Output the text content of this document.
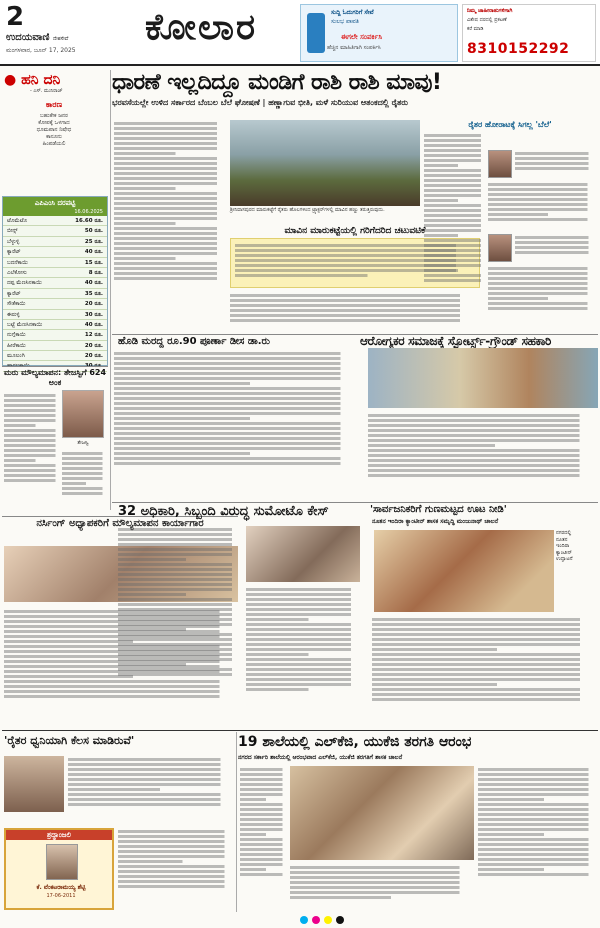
2
ಉದಯವಾಣಿ ದೇಶಸೇವೆ
ಮಂಗಳವಾರ, ಜೂನ್ 17, 2025
ಕೋಲಾರ	ಸುದ್ದಿ ಓದುಗರಿಗೆ ಸೇವೆ
ಸುಲಭ ಪಾವತಿ
ಈಗಲೇ ಸಂಪರ್ಕಿಸಿ
ಹೆಚ್ಚಿನ ಮಾಹಿತಿಗಾಗಿ ಸಂಪರ್ಕಿಸಿ
ನಿಮ್ಮ ಜಾಹೀರಾತುಗಳಿಗಾಗಿ
ವಿಶೇಷ ದರದಲ್ಲಿ ಪ್ರಕಟಣೆ
ಕರೆ ಮಾಡಿ
8310152292
● ಹನಿ ದನಿ
- ಎಸ್. ಮುನಿರಾಜ್
ಕಾರಣ
ಬಹುತೇಕ ಜನರ
ಕೋಪಕ್ಕೆ ಒಳಗಾದ
ಧೂಮಪಾನ ನಿಷೇಧ
ಕಾನೂನು
ಹಿಂಪಡೆಯಲಿ
ಎಪಿಎಂಸಿ ದರಪಟ್ಟಿ
16.06.2025
ಟೊಮೆಟೊ	16.60 ರೂ.
ಬೀನ್ಸ್	50 ರೂ.
ಬೆಳ್ಳುಳ್ಳಿ	25 ರೂ.
ಕ್ಯಾರೆಟ್	40 ರೂ.
ಬದನೆಕಾಯಿ	15 ರೂ.
ಎಲೆಕೋಸು	8 ರೂ.
ದಪ್ಪ ಮೆಣಸಿನಕಾಯಿ	40 ರೂ.
ಕ್ಯಾರೆಟ್	35 ರೂ.
ಸೌತೆಕಾಯಿ	20 ರೂ.
ಈರುಳ್ಳಿ	30 ರೂ.
ಬಟ್ಟೆ ಮೆಣಸಿನಕಾಯಿ	40 ರೂ.
ನುಗ್ಗೆಕಾಯಿ	12 ರೂ.
ಹೀರೆಕಾಯಿ	20 ರೂ.
ಮೂಲಂಗಿ	20 ರೂ.
ಮರು ಮೌಲ್ಯಮಾಪನ: ತೇಜಸ್ವಿಗೆ 624 ಅಂಕ
ತೇಜಸ್ವಿ
ನರ್ಸಿಂಗ್ ಅಧ್ಯಾಪಕರಿಗೆ ಮೌಲ್ಯಮಾಪನ ಕಾರ್ಯಾಗಾರ
ಧಾರಣೆ ಇಲ್ಲದಿದ್ದೂ ಮಂಡಿಗೆ ರಾಶಿ ರಾಶಿ ಮಾವು!
ಭರವಸೆಯಲ್ಲೇ ಉಳಿದ ಸರ್ಕಾರದ ಬೆಂಬಲ ಬೆಲೆ ಘೋಷಣೆ | ಹಣ್ಣಾಗುವ ಭೀತಿ, ಮಳೆ ಸುರಿಯುವ ಆತಂಕದಲ್ಲಿ ರೈತರು
ಶ್ರೀನಿವಾಸಪುರದ ಮಾರುಕಟ್ಟೆಗೆ ರೈತರು ಹೊಲಗಳಿಂದ ಟ್ರ್ಯಾಕ್ಟರ್‌ಗಳಲ್ಲಿ ಮಾವಿನ ಹಣ್ಣು ತರುತ್ತಿರುವುದು.
ಮಾವಿನ ಮಾರುಕಟ್ಟೆಯಲ್ಲಿ ಗರಿಗೆದರಿದ ಚಟುವಟಿಕೆ
ರೈತರ ಹೋರಾಟಕ್ಕೆ ಸಿಗಲ್ಲ 'ಬೆಲೆ'
ಹೊಡಿ ಮರದ್ದ ರೂ.90 ಪೂರ್ಣಾ ಡೀಸ ಡಾ.ರು	ಆರೋಗ್ಯಕರ ಸಮಾಜಕ್ಕೆ ಸ್ಪೋರ್ಟ್ಸ್-ಗ್ರೌಂಡ್ ಸಹಕಾರಿ
32 ಅಧಿಕಾರಿ, ಸಿಬ್ಬಂದಿ ವಿರುದ್ಧ ಸುಮೋಟೊ ಕೇಸ್	'ಸಾರ್ವಜನಿಕರಿಗೆ ಗುಣಮಟ್ಟದ ಊಟ ನೀಡಿ'
ನೂತನ ಇಂದಿರಾ ಕ್ಯಾಂಟೀನ್ ಶಾಸಕ ಸಮೃದ್ಧಿ ಮಂಜುನಾಥ್ ಚಾಲನೆ
ನಗರದಲ್ಲಿ
ನೂತನ
ಇಂದಿರಾ
ಕ್ಯಾಂಟೀನ್
ಉದ್ಘಾಟನೆ
'ರೈತರ ಧ್ವನಿಯಾಗಿ ಕೆಲಸ ಮಾಡಿರುವೆ'
ಶ್ರದ್ಧಾಂಜಲಿ
ಕೆ. ವೆಂಕಟರಾಮಯ್ಯ ಶೆಟ್ಟಿ
17-06-2011
19 ಶಾಲೆಯಲ್ಲಿ ಎಲ್‌ಕೆಜಿ, ಯುಕೆಜಿ ತರಗತಿ ಆರಂಭ
ನಗರದ ಸರ್ಕಾರಿ ಶಾಲೆಯಲ್ಲಿ ಆರಂಭವಾದ ಎಲ್‌ಕೆಜಿ, ಯುಕೆಜಿ ತರಗತಿಗೆ ಶಾಸಕ ಚಾಲನೆ
